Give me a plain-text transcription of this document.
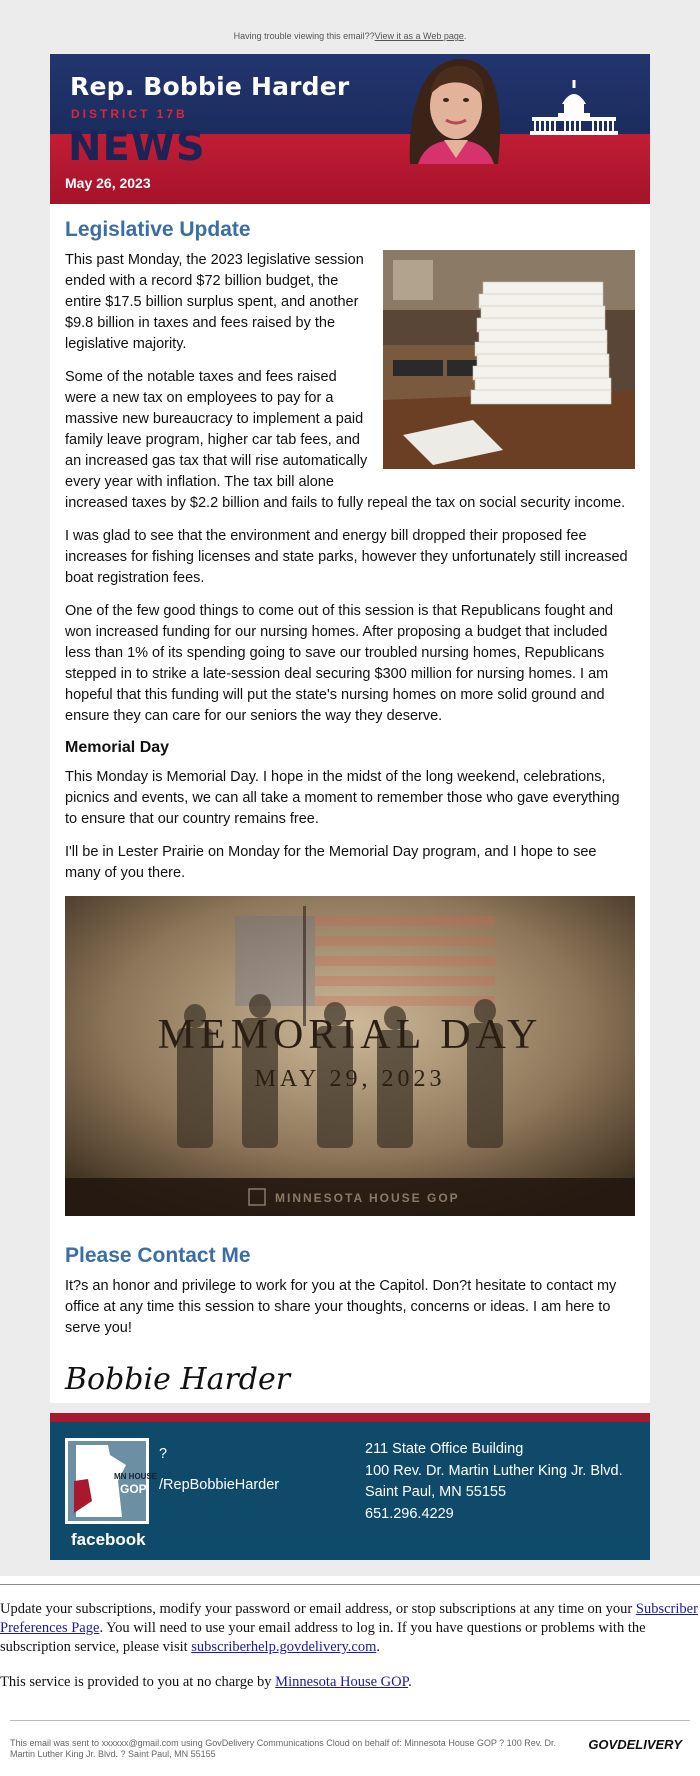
Having trouble viewing this email??View it as a Web page.
Rep. Bobbie Harder
DISTRICT 17B
NEWS
May 26, 2023
Legislative Update

This past Monday, the 2023 legislative session ended with a record $72 billion budget, the entire $17.5 billion surplus spent, and another $9.8 billion in taxes and fees raised by the legislative majority.

Some of the notable taxes and fees raised were a new tax on employees to pay for a massive new bureaucracy to implement a paid family leave program, higher car tab fees, and an increased gas tax that will rise automatically every year with inflation. The tax bill alone increased taxes by $2.2 billion and fails to fully repeal the tax on social security income.

I was glad to see that the environment and energy bill dropped their proposed fee increases for fishing licenses and state parks, however they unfortunately still increased boat registration fees.

One of the few good things to come out of this session is that Republicans fought and won increased funding for our nursing homes. After proposing a budget that included less than 1% of its spending going to save our troubled nursing homes, Republicans stepped in to strike a late-session deal securing $300 million for nursing homes. I am hopeful that this funding will put the state's nursing homes on more solid ground and ensure they can care for our seniors the way they deserve.

Memorial Day

This Monday is Memorial Day. I hope in the midst of the long weekend, celebrations, picnics and events, we can all take a moment to remember those who gave everything to ensure that our country remains free.

I'll be in Lester Prairie on Monday for the Memorial Day program, and I hope to see many of you there.

MEMORIAL DAY
MAY 29, 2023
MINNESOTA HOUSE GOP
Please Contact Me

It?s an honor and privilege to work for you at the Capitol. Don?t hesitate to contact my office at any time this session to share your thoughts, concerns or ideas. I am here to serve you!

Bobbie Harder
MN HOUSE
GOP
facebook
?
/RepBobbieHarder
211 State Office Building
100 Rev. Dr. Martin Luther King Jr. Blvd.
Saint Paul, MN 55155
651.296.4229

Update your subscriptions, modify your password or email address, or stop subscriptions at any time on your Subscriber Preferences Page. You will need to use your email address to log in. If you have questions or problems with the subscription service, please visit subscriberhelp.govdelivery.com.

This service is provided to you at no charge by Minnesota House GOP.

This email was sent to xxxxxx@gmail.com using GovDelivery Communications Cloud on behalf of: Minnesota House GOP ? 100 Rev. Dr. Martin Luther King Jr. Blvd. ? Saint Paul, MN 55155
GOVDELIVERY
